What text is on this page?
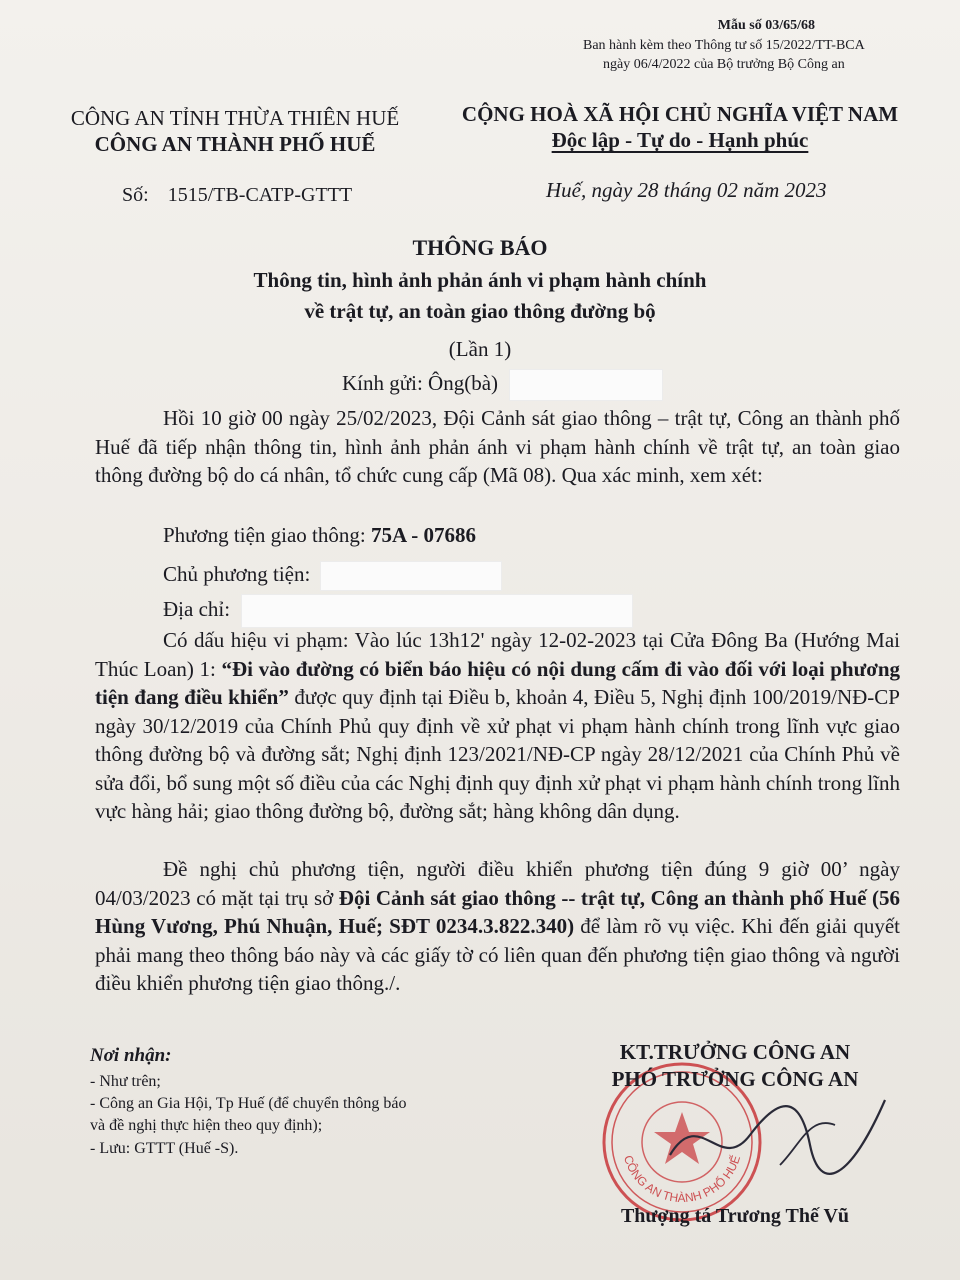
Mẫu số 03/65/68
Ban hành kèm theo Thông tư số 15/2022/TT-BCA
ngày 06/4/2022 của Bộ trưởng Bộ Công an
CÔNG AN TỈNH THỪA THIÊN HUẾ
CÔNG AN THÀNH PHỐ HUẾ
CỘNG HOÀ XÃ HỘI CHỦ NGHĨA VIỆT NAM
Độc lập - Tự do - Hạnh phúc
Số: 1515/TB-CATP-GTTT	Huế, ngày 28 tháng 02 năm 2023
THÔNG BÁO
Thông tin, hình ảnh phản ánh vi phạm hành chính
về trật tự, an toàn giao thông đường bộ
(Lần 1)
Kính gửi: Ông(bà)
Hồi 10 giờ 00 ngày 25/02/2023, Đội Cảnh sát giao thông – trật tự, Công an thành phố Huế đã tiếp nhận thông tin, hình ảnh phản ánh vi phạm hành chính về trật tự, an toàn giao thông đường bộ do cá nhân, tổ chức cung cấp (Mã 08). Qua xác minh, xem xét:
Phương tiện giao thông: 75A - 07686
Chủ phương tiện:
Địa chỉ:
Có dấu hiệu vi phạm: Vào lúc 13h12' ngày 12-02-2023 tại Cửa Đông Ba (Hướng Mai Thúc Loan) 1: “Đi vào đường có biển báo hiệu có nội dung cấm đi vào đối với loại phương tiện đang điều khiển” được quy định tại Điều b, khoản 4, Điều 5, Nghị định 100/2019/NĐ-CP ngày 30/12/2019 của Chính Phủ quy định về xử phạt vi phạm hành chính trong lĩnh vực giao thông đường bộ và đường sắt; Nghị định 123/2021/NĐ-CP ngày 28/12/2021 của Chính Phủ về sửa đổi, bổ sung một số điều của các Nghị định quy định xử phạt vi phạm hành chính trong lĩnh vực hàng hải; giao thông đường bộ, đường sắt; hàng không dân dụng.
Đề nghị chủ phương tiện, người điều khiển phương tiện đúng 9 giờ 00’ ngày 04/03/2023 có mặt tại trụ sở Đội Cảnh sát giao thông -- trật tự, Công an thành phố Huế (56 Hùng Vương, Phú Nhuận, Huế; SĐT 0234.3.822.340) để làm rõ vụ việc. Khi đến giải quyết phải mang theo thông báo này và các giấy tờ có liên quan đến phương tiện giao thông và người điều khiển phương tiện giao thông./.
Nơi nhận:
- Như trên;
- Công an Gia Hội, Tp Huế (để chuyển thông báo
và đề nghị thực hiện theo quy định);
- Lưu: GTTT (Huế -S).
CÔNG AN THÀNH PHỐ HUẾ
KT.TRƯỞNG CÔNG AN
PHÓ TRƯỞNG CÔNG AN
Thượng tá Trương Thế Vũ
